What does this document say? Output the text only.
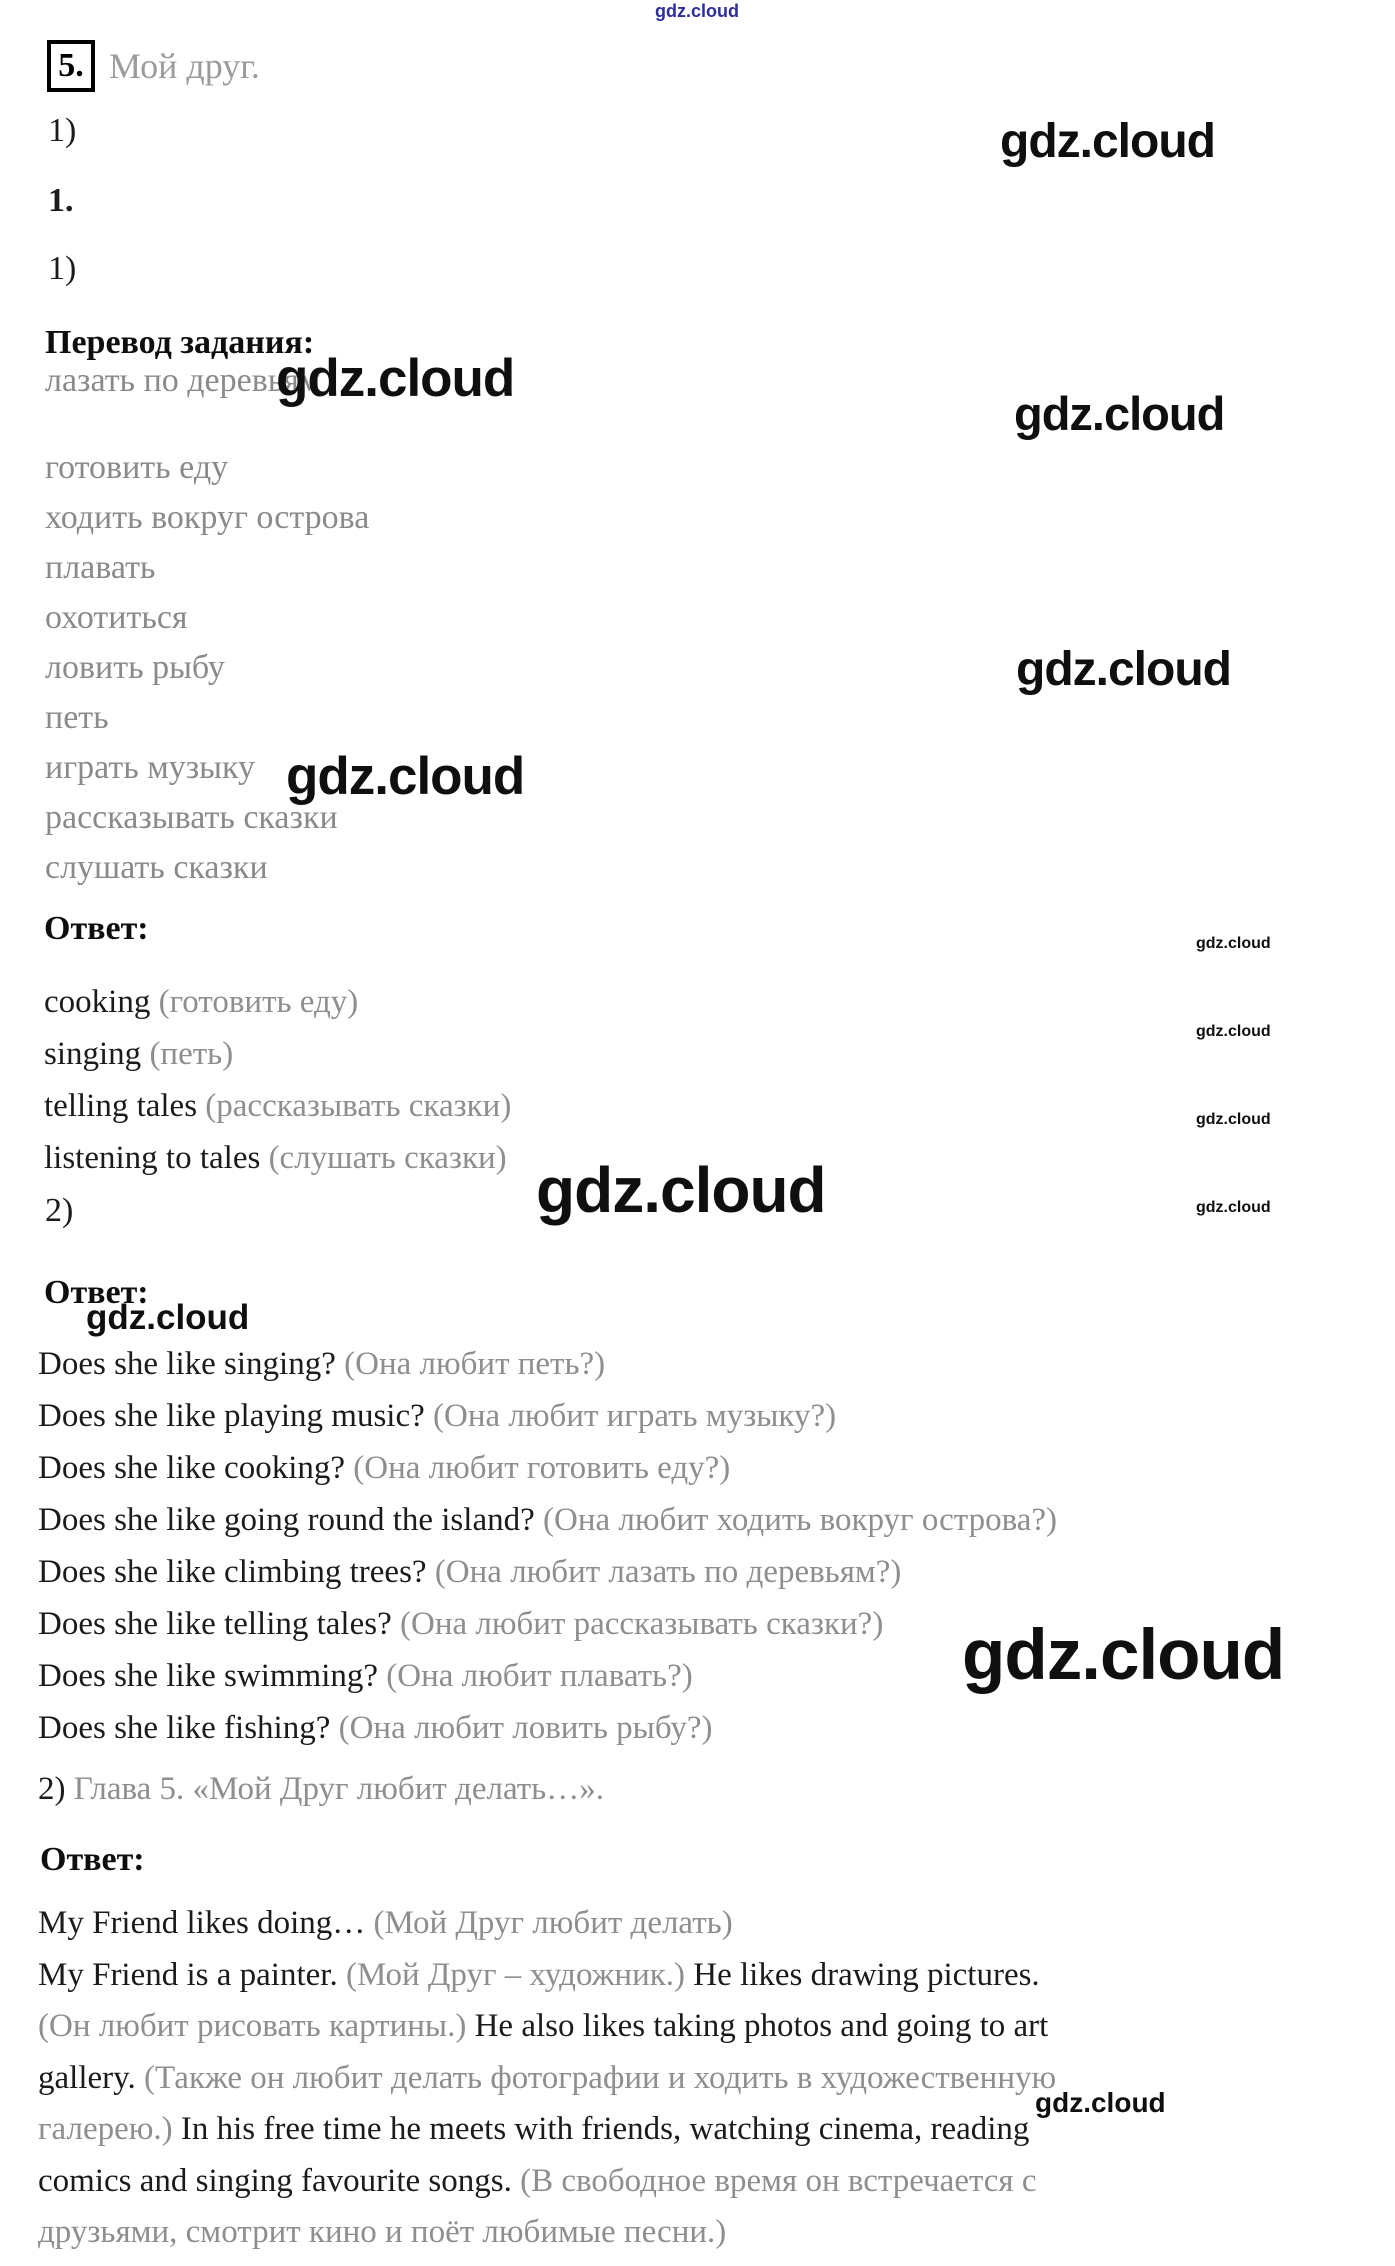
5. Мой друг.
1)
1.
1)
Перевод задания:
лазать по деревьям
готовить еду
ходить вокруг острова
плавать
охотиться
ловить рыбу
петь
играть музыку
рассказывать сказки
слушать сказки
Ответ:
cooking (готовить еду)
singing (петь)
telling tales (рассказывать сказки)
listening to tales (слушать сказки)
2)
Ответ:
Does she like singing? (Она любит петь?)
Does she like playing music? (Она любит играть музыку?)
Does she like cooking? (Она любит готовить еду?)
Does she like going round the island? (Она любит ходить вокруг острова?)
Does she like climbing trees? (Она любит лазать по деревьям?)
Does she like telling tales? (Она любит рассказывать сказки?)
Does she like swimming? (Она любит плавать?)
Does she like fishing? (Она любит ловить рыбу?)
2) Глава 5. «Мой Друг любит делать…».
Ответ:
My Friend likes doing… (Мой Друг любит делать)
My Friend is a painter. (Мой Друг – художник.) He likes drawing pictures.
(Он любит рисовать картины.) He also likes taking photos and going to art
gallery. (Также он любит делать фотографии и ходить в художественную
галерею.) In his free time he meets with friends, watching cinema, reading
comics and singing favourite songs. (В свободное время он встречается с
друзьями, смотрит кино и поёт любимые песни.)
gdz.cloud
gdz.cloud
gdz.cloud
gdz.cloud
gdz.cloud
gdz.cloud
gdz.cloud
gdz.cloud
gdz.cloud
gdz.cloud
gdz.cloud
gdz.cloud
gdz.cloud
gdz.cloud
